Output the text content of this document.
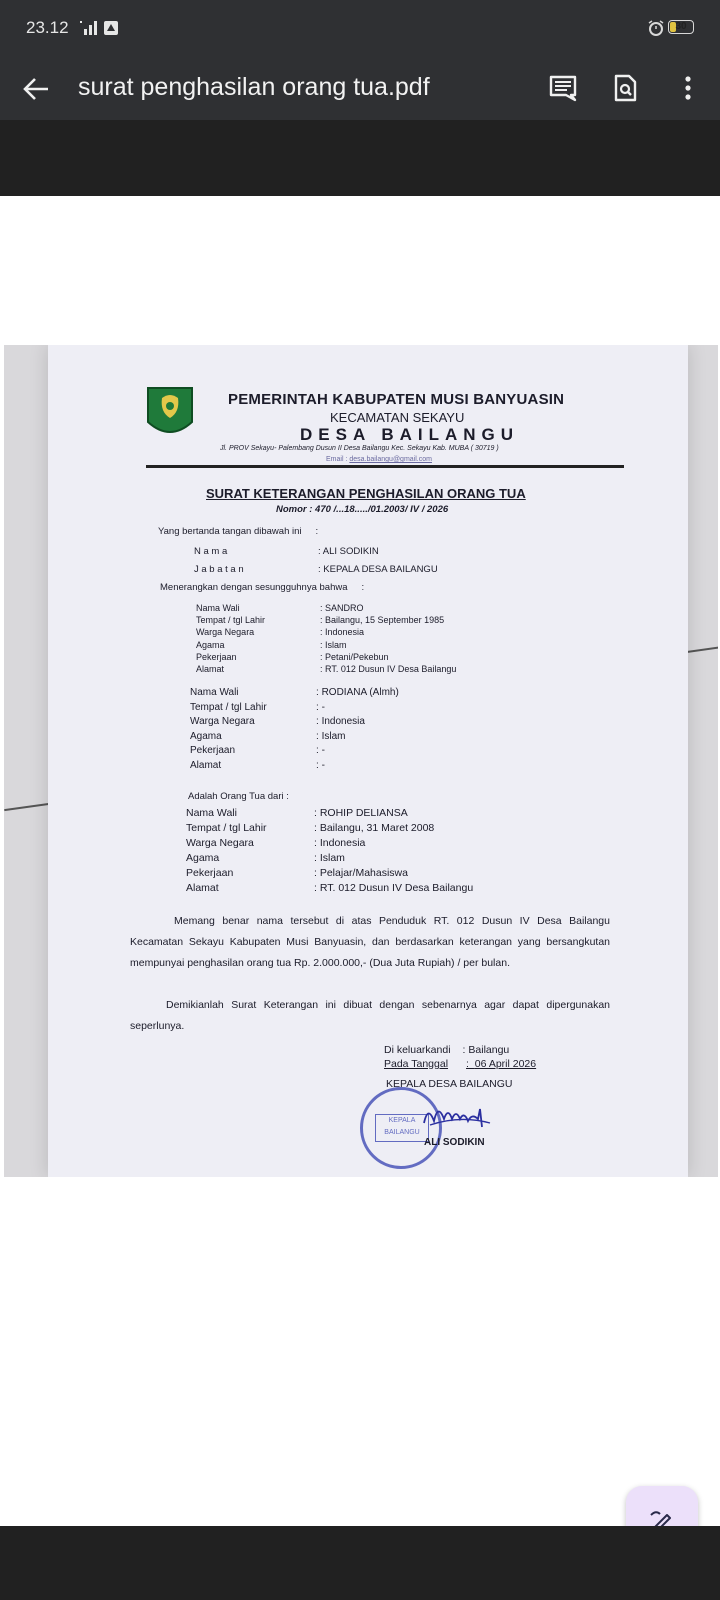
23.12	30
surat penghasilan orang tua.pdf
PEMERINTAH KABUPATEN MUSI BANYUASIN
KECAMATAN SEKAYU
DESA BAILANGU
Jl. PROV Sekayu- Palembang Dusun II Desa Bailangu Kec. Sekayu Kab. MUBA ( 30719 )
Email : desa.bailangu@gmail.com
SURAT KETERANGAN PENGHASILAN ORANG TUA
Nomor : 470 /...18...../01.2003/ IV / 2026
Yang bertanda tangan dibawah ini :
N a m a	: ALI SODIKIN
J a b a t a n	: KEPALA DESA BAILANGU
Menerangkan dengan sesungguhnya bahwa :
Nama Wali	: SANDRO
Tempat / tgl Lahir	: Bailangu, 15 September 1985
Warga Negara	: Indonesia
Agama	: Islam
Pekerjaan	: Petani/Pekebun
Alamat	: RT. 012 Dusun IV Desa Bailangu
Nama Wali	: RODIANA (Almh)
Tempat / tgl Lahir	: -
Warga Negara	: Indonesia
Agama	: Islam
Pekerjaan	: -
Alamat	: -
Adalah Orang Tua dari :
Nama Wali	: ROHIP DELIANSA
Tempat / tgl Lahir	: Bailangu, 31 Maret 2008
Warga Negara	: Indonesia
Agama	: Islam
Pekerjaan	: Pelajar/Mahasiswa
Alamat	: RT. 012 Dusun IV Desa Bailangu
Memang benar nama tersebut di atas Penduduk RT. 012 Dusun IV Desa Bailangu Kecamatan Sekayu Kabupaten Musi Banyuasin, dan berdasarkan keterangan yang bersangkutan mempunyai penghasilan orang tua Rp. 2.000.000,- (Dua Juta Rupiah) / per bulan.
Demikianlah Surat Keterangan ini dibuat dengan sebenarnya agar dapat dipergunakan seperlunya.
Di keluarkandi : Bailangu
Pada Tanggal :  06 April 2026
KEPALA DESA BAILANGU
KEPALA
BAILANGU
ALI SODIKIN
